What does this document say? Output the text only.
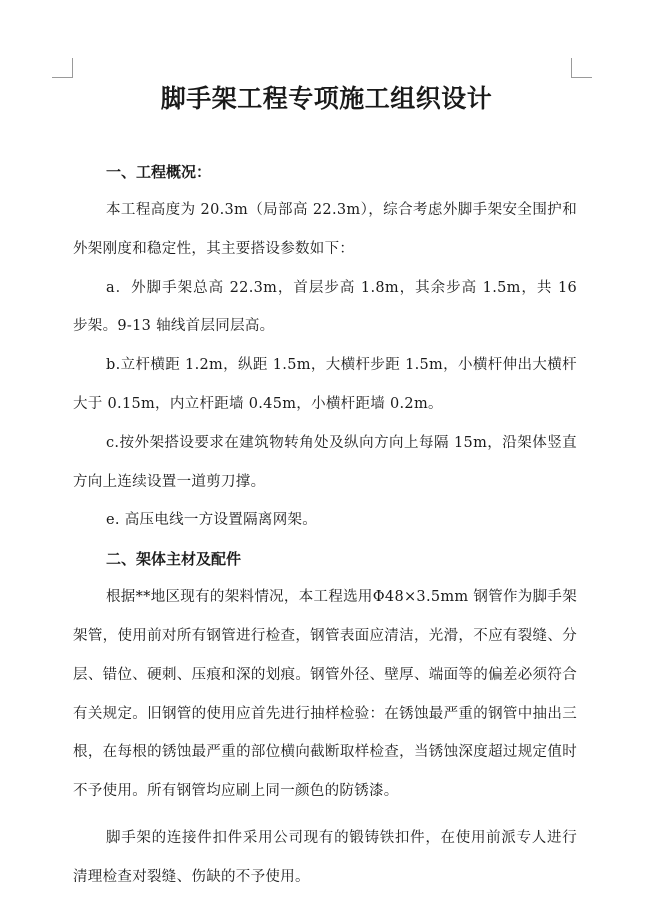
脚手架工程专项施工组织设计
一、工程概况：

本工程高度为 20.3m（局部高 22.3m），综合考虑外脚手架安全围护和外架刚度和稳定性，其主要搭设参数如下：

a．外脚手架总高 22.3m，首层步高 1.8m，其余步高 1.5m，共 16 步架。9-13 轴线首层同层高。

b.立杆横距 1.2m，纵距 1.5m，大横杆步距 1.5m，小横杆伸出大横杆大于 0.15m，内立杆距墙 0.45m，小横杆距墙 0.2m。

c.按外架搭设要求在建筑物转角处及纵向方向上每隔 15m，沿架体竖直方向上连续设置一道剪刀撑。

e. 高压电线一方设置隔离网架。

二、架体主材及配件

根据**地区现有的架料情况，本工程选用Φ48×3.5mm 钢管作为脚手架架管，使用前对所有钢管进行检查，钢管表面应清洁，光滑，不应有裂缝、分层、错位、硬刺、压痕和深的划痕。钢管外径、壁厚、端面等的偏差必须符合有关规定。旧钢管的使用应首先进行抽样检验：在锈蚀最严重的钢管中抽出三根，在每根的锈蚀最严重的部位横向截断取样检查，当锈蚀深度超过规定值时不予使用。所有钢管均应刷上同一颜色的防锈漆。

脚手架的连接件扣件采用公司现有的锻铸铁扣件，在使用前派专人进行清理检查对裂缝、伤缺的不予使用。
